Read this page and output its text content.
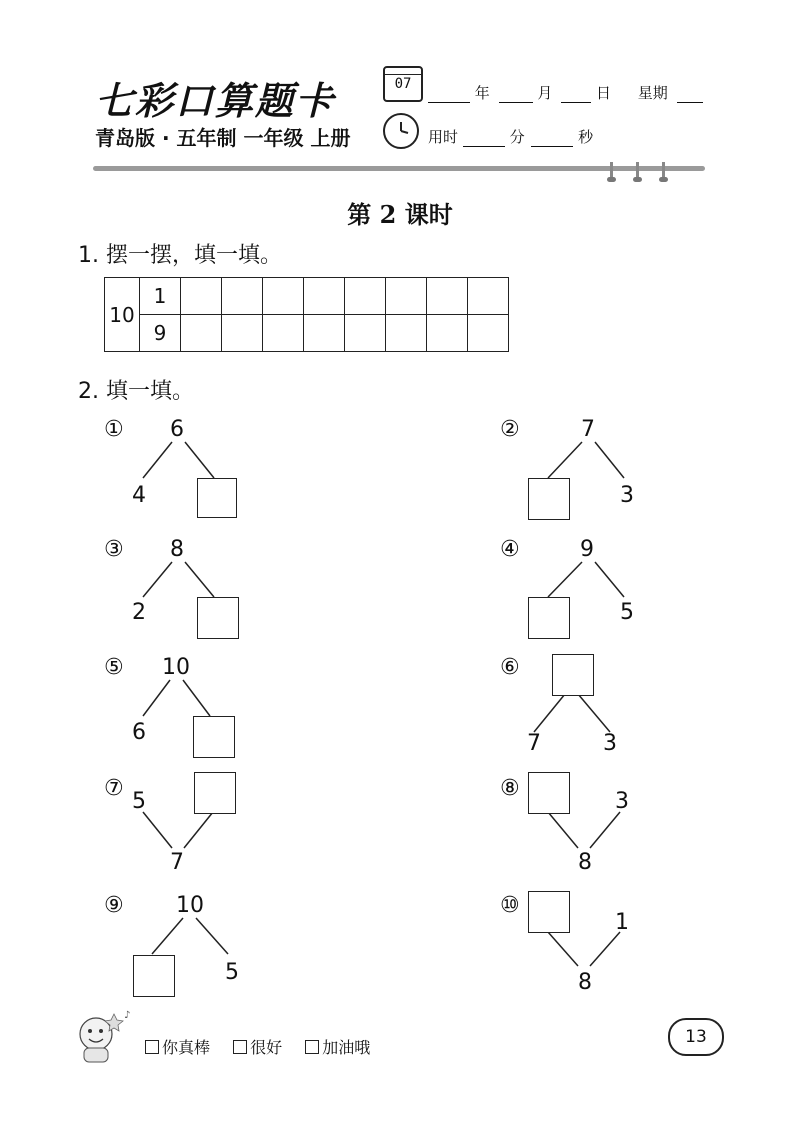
七彩口算题卡
青岛版 · 五年制 一年级 上册
07	年	月	日 星期
用时	分	秒
第 2 课时
1. 摆一摆，填一填。
10	1								
	9								
2. 填一填。
① 6
4
②	7
3
③ 8
2
④	9
5
⑤ 10
6
⑥
7	3
⑦
5
7
⑧
3
8
⑨ 10
5
⑩
1
8
♪
你真棒	很好	加油哦
13
